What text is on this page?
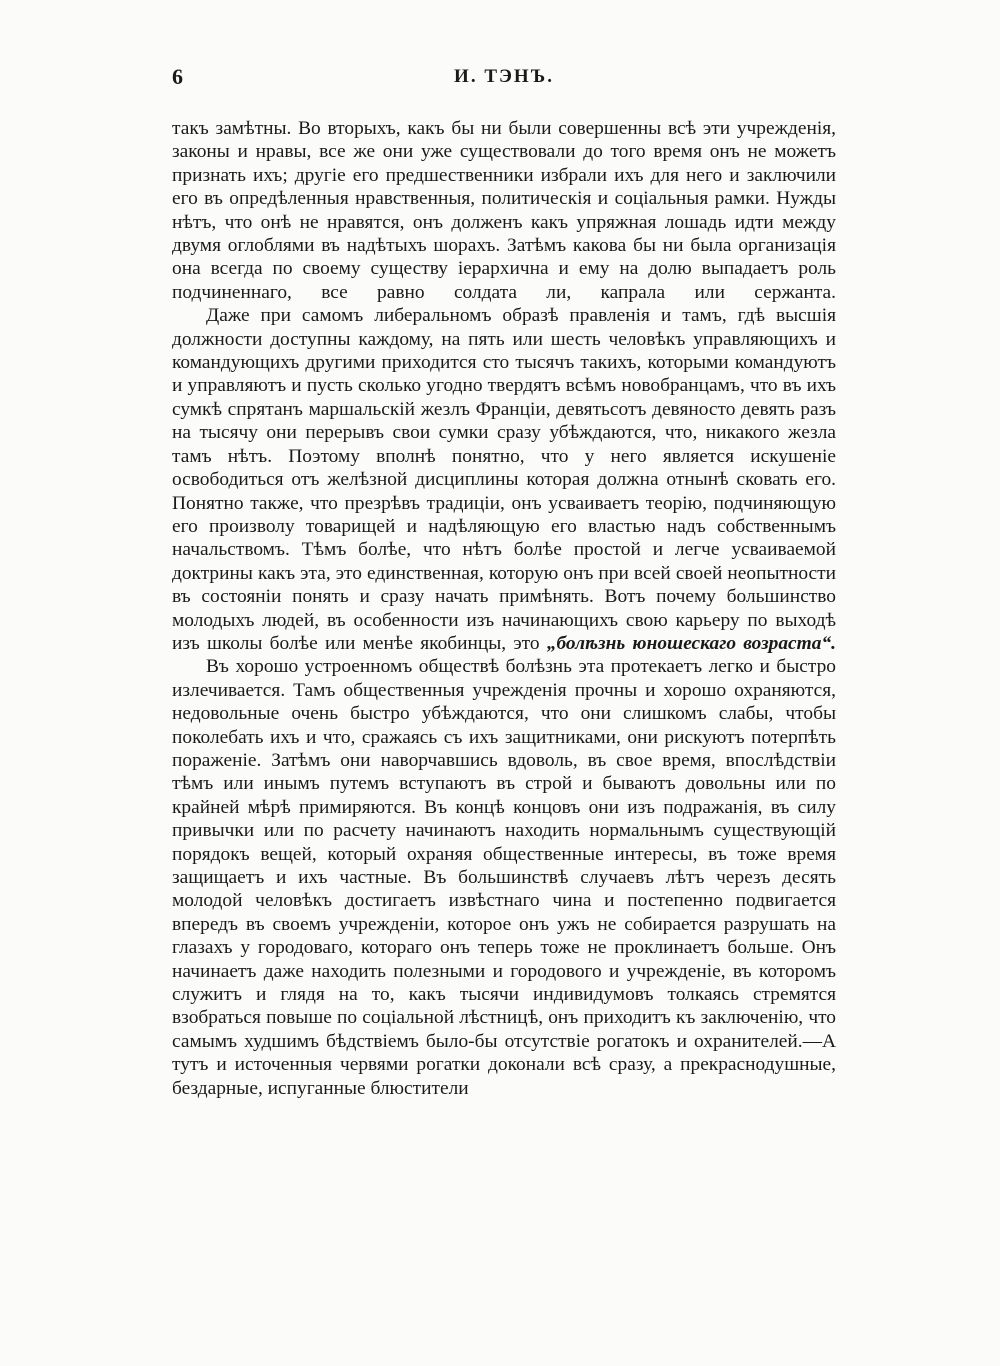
6	И. ТЭНЪ.

такъ замѣтны. Во вторыхъ, какъ бы ни были совершенны всѣ эти учрежденія, законы и нравы, все же они уже существовали до того время онъ не можетъ признать ихъ; другіе его предшественники избрали ихъ для него и заключили его въ опредѣленныя нравственныя, политическія и соціальныя рамки. Нужды нѣтъ, что онѣ не нравятся, онъ долженъ какъ упряжная лошадь идти между двумя оглоблями въ надѣтыхъ шорахъ. Затѣмъ какова бы ни была организація она всегда по своему существу іерархична и ему на долю выпадаетъ роль подчиненнаго, все равно солдата ли, капрала или сержанта.

Даже при самомъ либеральномъ образѣ правленія и тамъ, гдѣ высшія должности доступны каждому, на пять или шесть человѣкъ управляющихъ и командующихъ другими приходится сто тысячъ такихъ, которыми командуютъ и управляютъ и пусть сколько угодно твердятъ всѣмъ новобранцамъ, что въ ихъ сумкѣ спрятанъ маршальскій жезлъ Франціи, девятьсотъ девяносто девять разъ на тысячу они перерывъ свои сумки сразу убѣждаются, что, никакого жезла тамъ нѣтъ. Поэтому вполнѣ понятно, что у него является искушеніе освободиться отъ желѣзной дисциплины которая должна отнынѣ сковать его. Понятно также, что презрѣвъ традиціи, онъ усваиваетъ теорію, подчиняющую его произволу товарищей и надѣляющую его властью надъ собственнымъ начальствомъ. Тѣмъ болѣе, что нѣтъ болѣе простой и легче усваиваемой доктрины какъ эта, это единственная, которую онъ при всей своей неопытности въ состояніи понять и сразу начать примѣнять. Вотъ почему большинство молодыхъ людей, въ особенности изъ начинающихъ свою карьеру по выходѣ изъ школы болѣе или менѣе якобинцы, это „болѣзнь юношескаго возраста“.

Въ хорошо устроенномъ обществѣ болѣзнь эта протекаетъ легко и быстро излечивается. Тамъ общественныя учрежденія прочны и хорошо охраняются, недовольные очень быстро убѣждаются, что они слишкомъ слабы, чтобы поколебать ихъ и что, сражаясь съ ихъ защитниками, они рискуютъ потерпѣть пораженіе. Затѣмъ они наворчавшись вдоволь, въ свое время, впослѣдствіи тѣмъ или инымъ путемъ вступаютъ въ строй и бываютъ довольны или по крайней мѣрѣ примиряются. Въ концѣ концовъ они изъ подражанія, въ силу привычки или по расчету начинаютъ находить нормальнымъ существующій порядокъ вещей, который охраняя общественные интересы, въ тоже время защищаетъ и ихъ частные. Въ большинствѣ случаевъ лѣтъ черезъ десять молодой человѣкъ достигаетъ извѣстнаго чина и постепенно подвигается впередъ въ своемъ учрежденіи, которое онъ ужъ не собирается разрушать на глазахъ у городоваго, котораго онъ теперь тоже не проклинаетъ больше. Онъ начинаетъ даже находить полезными и городового и учрежденіе, въ которомъ служитъ и глядя на то, какъ тысячи индивидумовъ толкаясь стремятся взобраться повыше по соціальной лѣстницѣ, онъ приходитъ къ заключенію, что самымъ худшимъ бѣдствіемъ было-бы отсутствіе рогатокъ и охранителей.—А тутъ и источенныя червями рогатки доконали всѣ сразу, а прекраснодушные, бездарные, испуганные блюстители
